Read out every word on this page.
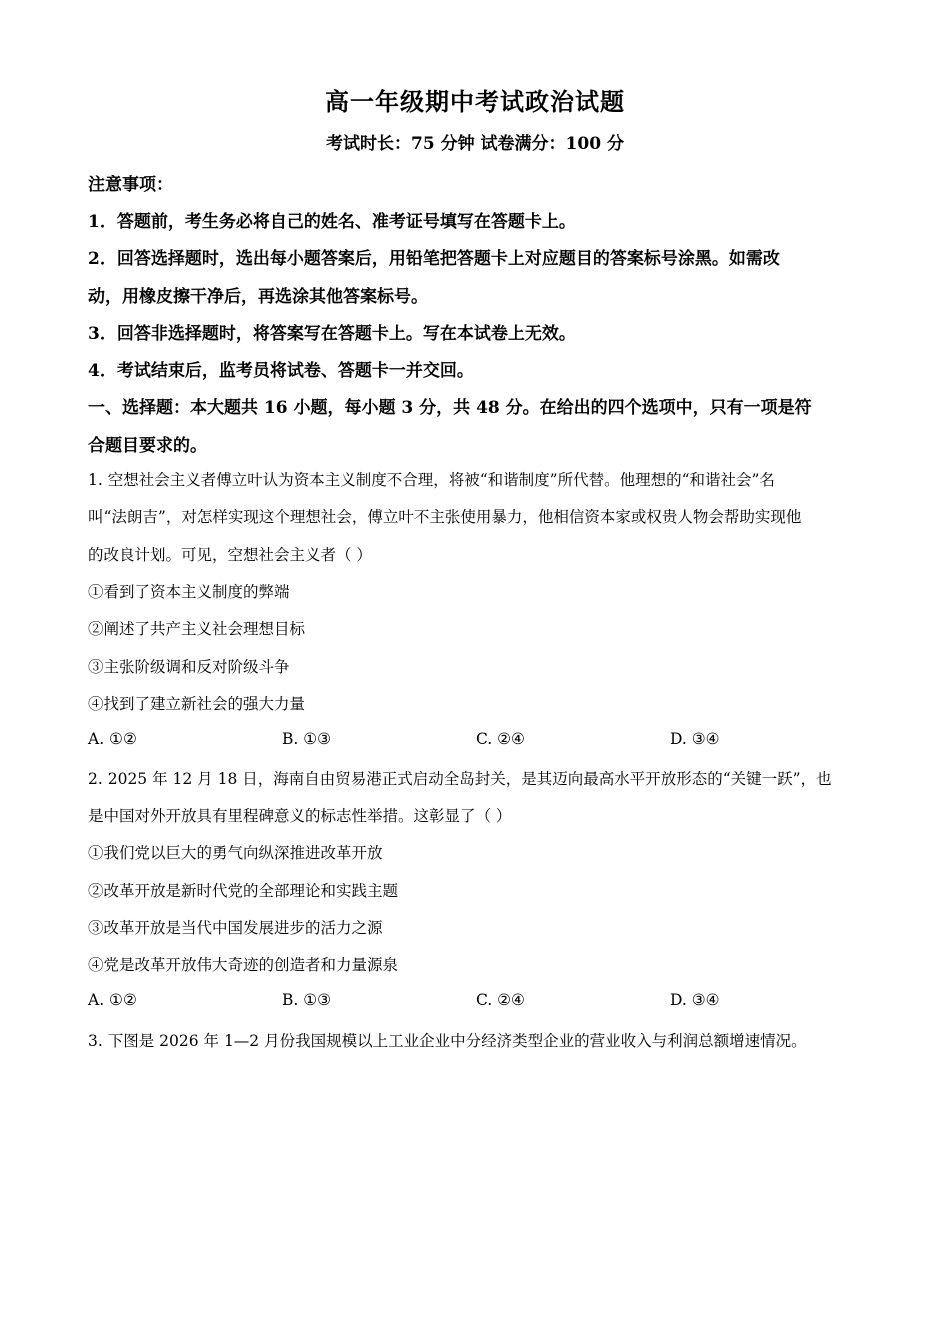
高一年级期中考试政治试题
考试时长：75 分钟 试卷满分：100 分
注意事项：
1．答题前，考生务必将自己的姓名、准考证号填写在答题卡上。
2．回答选择题时，选出每小题答案后，用铅笔把答题卡上对应题目的答案标号涂黑。如需改
动，用橡皮擦干净后，再选涂其他答案标号。
3．回答非选择题时，将答案写在答题卡上。写在本试卷上无效。
4．考试结束后，监考员将试卷、答题卡一并交回。
一、选择题：本大题共 16 小题，每小题 3 分，共 48 分。在给出的四个选项中，只有一项是符
合题目要求的。
1. 空想社会主义者傅立叶认为资本主义制度不合理，将被“和谐制度”所代替。他理想的“和谐社会”名
叫“法朗吉”，对怎样实现这个理想社会，傅立叶不主张使用暴力，他相信资本家或权贵人物会帮助实现他
的改良计划。可见，空想社会主义者（ ）
①看到了资本主义制度的弊端
②阐述了共产主义社会理想目标
③主张阶级调和反对阶级斗争
④找到了建立新社会的强大力量
A. ①②	B. ①③	C. ②④	D. ③④
2. 2025 年 12 月 18 日，海南自由贸易港正式启动全岛封关，是其迈向最高水平开放形态的“关键一跃”，也
是中国对外开放具有里程碑意义的标志性举措。这彰显了（ ）
①我们党以巨大的勇气向纵深推进改革开放
②改革开放是新时代党的全部理论和实践主题
③改革开放是当代中国发展进步的活力之源
④党是改革开放伟大奇迹的创造者和力量源泉
A. ①②	B. ①③	C. ②④	D. ③④
3. 下图是 2026 年 1—2 月份我国规模以上工业企业中分经济类型企业的营业收入与利润总额增速情况。
